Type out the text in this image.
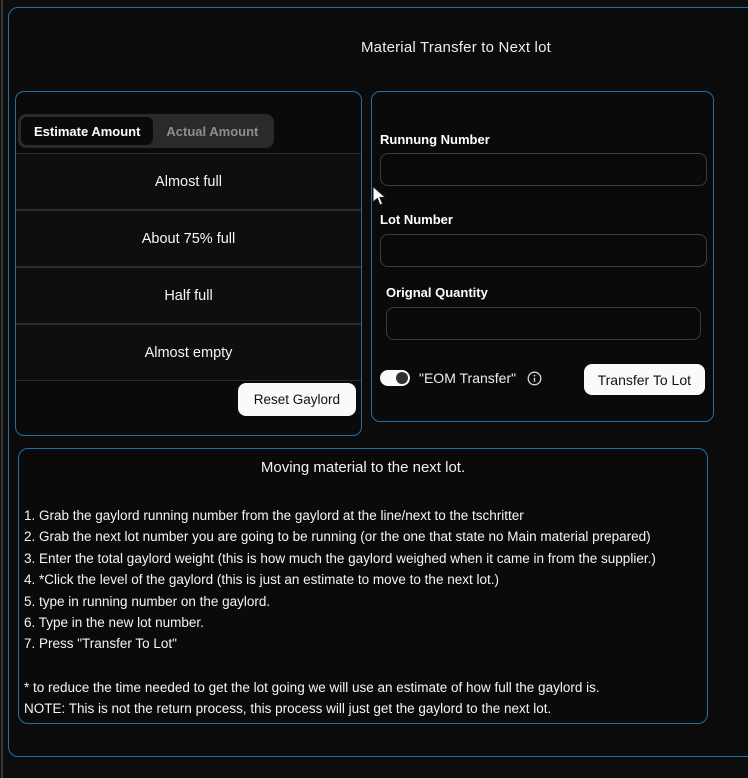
Material Transfer to Next lot
Estimate Amount	Actual Amount
Almost full
About 75% full
Half full
Almost empty
Reset Gaylord
Runnung Number
Lot Number
Orignal Quantity
"EOM Transfer"	Transfer To Lot
Moving material to the next lot.
1. Grab the gaylord running number from the gaylord at the line/next to the tschritter
2. Grab the next lot number you are going to be running (or the one that state no Main material prepared)
3. Enter the total gaylord weight (this is how much the gaylord weighed when it came in from the supplier.)
4. *Click the level of the gaylord (this is just an estimate to move to the next lot.)
5. type in running number on the gaylord.
6. Type in the new lot number.
7. Press "Transfer To Lot"
* to reduce the time needed to get the lot going we will use an estimate of how full the gaylord is.
NOTE: This is not the return process, this process will just get the gaylord to the next lot.
